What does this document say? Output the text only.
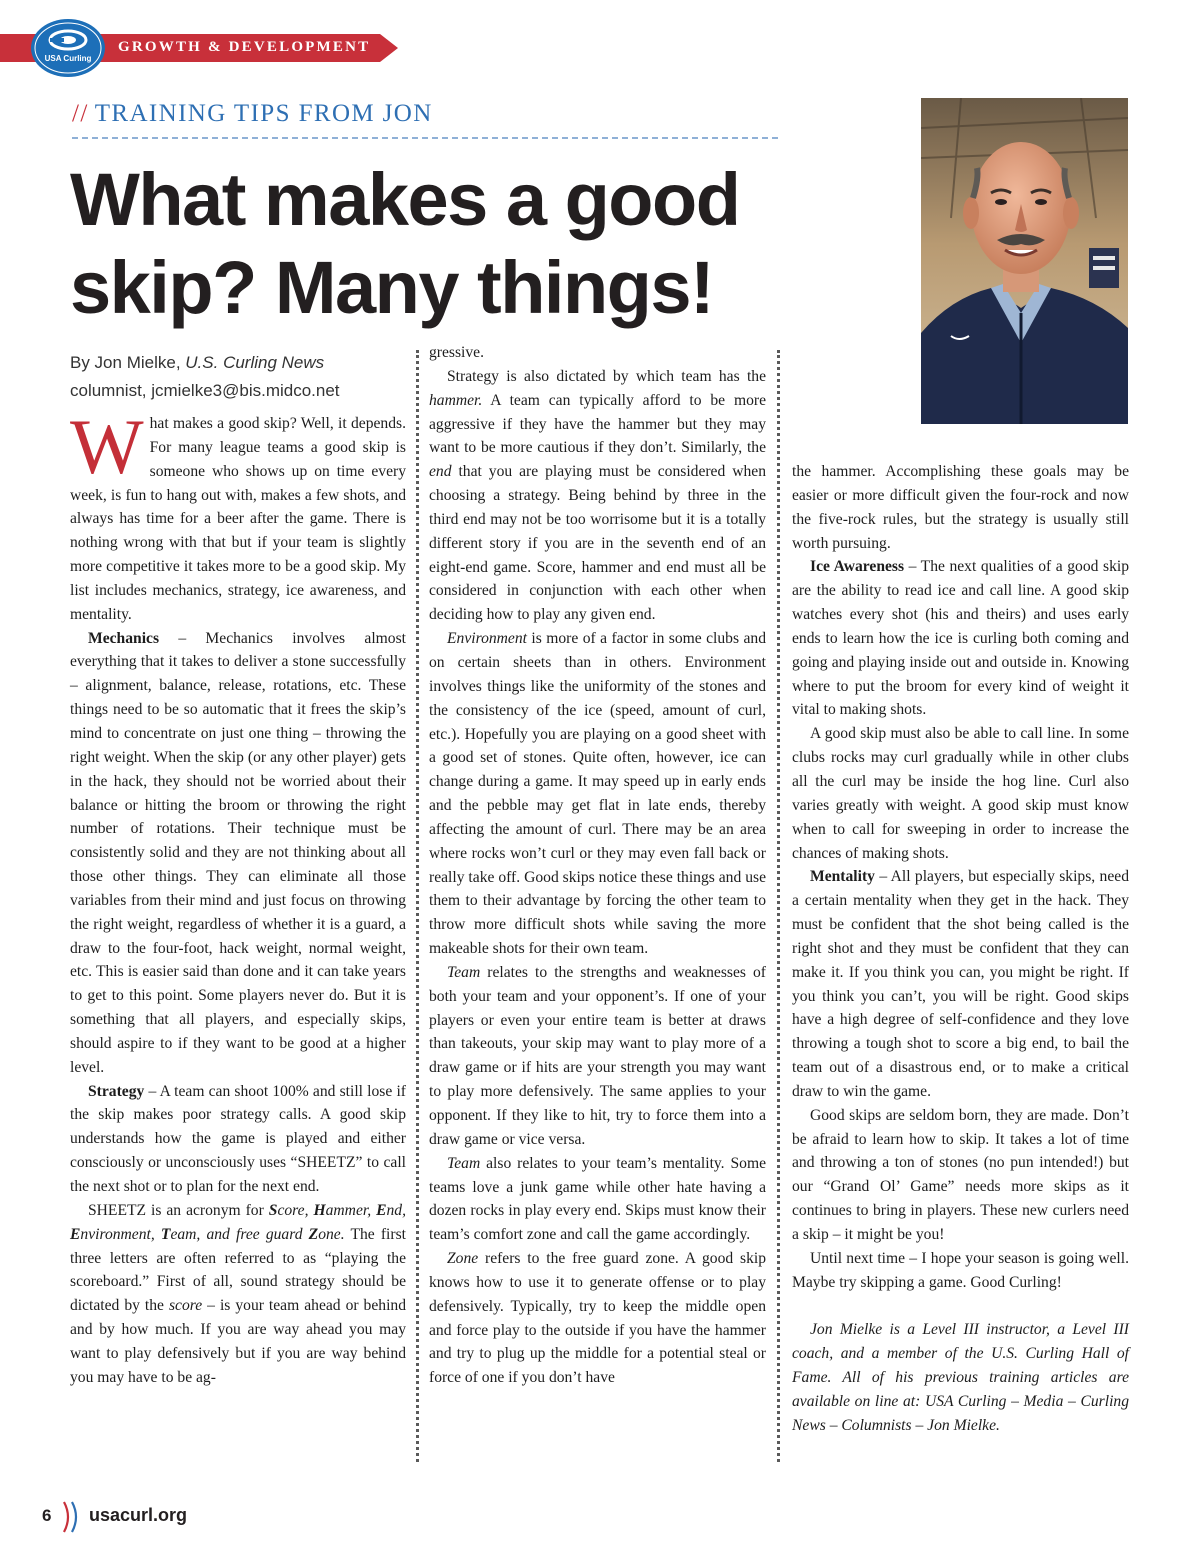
GROWTH & DEVELOPMENT
USA Curling
// TRAINING TIPS FROM JON
What makes a good
skip? Many things!
By Jon Mielke, U.S. Curling News
columnist, jcmielke3@bis.midco.net

What makes a good skip? Well, it depends. For many league teams a good skip is someone who shows up on time every week, is fun to hang out with, makes a few shots, and always has time for a beer after the game. There is nothing wrong with that but if your team is slightly more competitive it takes more to be a good skip. My list includes mechanics, strategy, ice awareness, and mentality.

Mechanics – Mechanics involves almost everything that it takes to deliver a stone successfully – alignment, balance, release, rotations, etc. These things need to be so automatic that it frees the skip’s mind to concentrate on just one thing – throwing the right weight. When the skip (or any other player) gets in the hack, they should not be worried about their balance or hitting the broom or throwing the right number of rotations. Their technique must be consistently solid and they are not thinking about all those other things. They can eliminate all those variables from their mind and just focus on throwing the right weight, regardless of whether it is a guard, a draw to the four-foot, hack weight, normal weight, etc. This is easier said than done and it can take years to get to this point. Some players never do. But it is something that all players, and especially skips, should aspire to if they want to be good at a higher level.

Strategy – A team can shoot 100% and still lose if the skip makes poor strategy calls. A good skip understands how the game is played and either consciously or unconsciously uses “SHEETZ” to call the next shot or to plan for the next end.

SHEETZ is an acronym for Score, Hammer, End, Environment, Team, and free guard Zone. The first three letters are often referred to as “playing the scoreboard.” First of all, sound strategy should be dictated by the score – is your team ahead or behind and by how much. If you are way ahead you may want to play defensively but if you are way behind you may have to be ag-

gressive.

Strategy is also dictated by which team has the hammer. A team can typically afford to be more aggressive if they have the hammer but they may want to be more cautious if they don’t. Similarly, the end that you are playing must be considered when choosing a strategy. Being behind by three in the third end may not be too worrisome but it is a totally different story if you are in the seventh end of an eight-end game. Score, hammer and end must all be considered in conjunction with each other when deciding how to play any given end.

Environment is more of a factor in some clubs and on certain sheets than in others. Environment involves things like the uniformity of the stones and the consistency of the ice (speed, amount of curl, etc.). Hopefully you are playing on a good sheet with a good set of stones. Quite often, however, ice can change during a game. It may speed up in early ends and the pebble may get flat in late ends, thereby affecting the amount of curl. There may be an area where rocks won’t curl or they may even fall back or really take off. Good skips notice these things and use them to their advantage by forcing the other team to throw more difficult shots while saving the more makeable shots for their own team.

Team relates to the strengths and weaknesses of both your team and your opponent’s. If one of your players or even your entire team is better at draws than takeouts, your skip may want to play more of a draw game or if hits are your strength you may want to play more defensively. The same applies to your opponent. If they like to hit, try to force them into a draw game or vice versa.

Team also relates to your team’s mentality. Some teams love a junk game while other hate having a dozen rocks in play every end. Skips must know their team’s comfort zone and call the game accordingly.

Zone refers to the free guard zone. A good skip knows how to use it to generate offense or to play defensively. Typically, try to keep the middle open and force play to the outside if you have the hammer and try to plug up the middle for a potential steal or force of one if you don’t have

the hammer. Accomplishing these goals may be easier or more difficult given the four-rock and now the five-rock rules, but the strategy is usually still worth pursuing.

Ice Awareness – The next qualities of a good skip are the ability to read ice and call line. A good skip watches every shot (his and theirs) and uses early ends to learn how the ice is curling both coming and going and playing inside out and outside in. Knowing where to put the broom for every kind of weight it vital to making shots.

A good skip must also be able to call line. In some clubs rocks may curl gradually while in other clubs all the curl may be inside the hog line. Curl also varies greatly with weight. A good skip must know when to call for sweeping in order to increase the chances of making shots.

Mentality – All players, but especially skips, need a certain mentality when they get in the hack. They must be confident that the shot being called is the right shot and they must be confident that they can make it. If you think you can, you might be right. If you think you can’t, you will be right. Good skips have a high degree of self-confidence and they love throwing a tough shot to score a big end, to bail the team out of a disastrous end, or to make a critical draw to win the game.

Good skips are seldom born, they are made. Don’t be afraid to learn how to skip. It takes a lot of time and throwing a ton of stones (no pun intended!) but our “Grand Ol’ Game” needs more skips as it continues to bring in players. These new curlers need a skip – it might be you!

Until next time – I hope your season is going well. Maybe try skipping a game. Good Curling!

Jon Mielke is a Level III instructor, a Level III coach, and a member of the U.S. Curling Hall of Fame. All of his previous training articles are available on line at: USA Curling – Media – Curling News – Columnists – Jon Mielke.

6 usacurl.org
